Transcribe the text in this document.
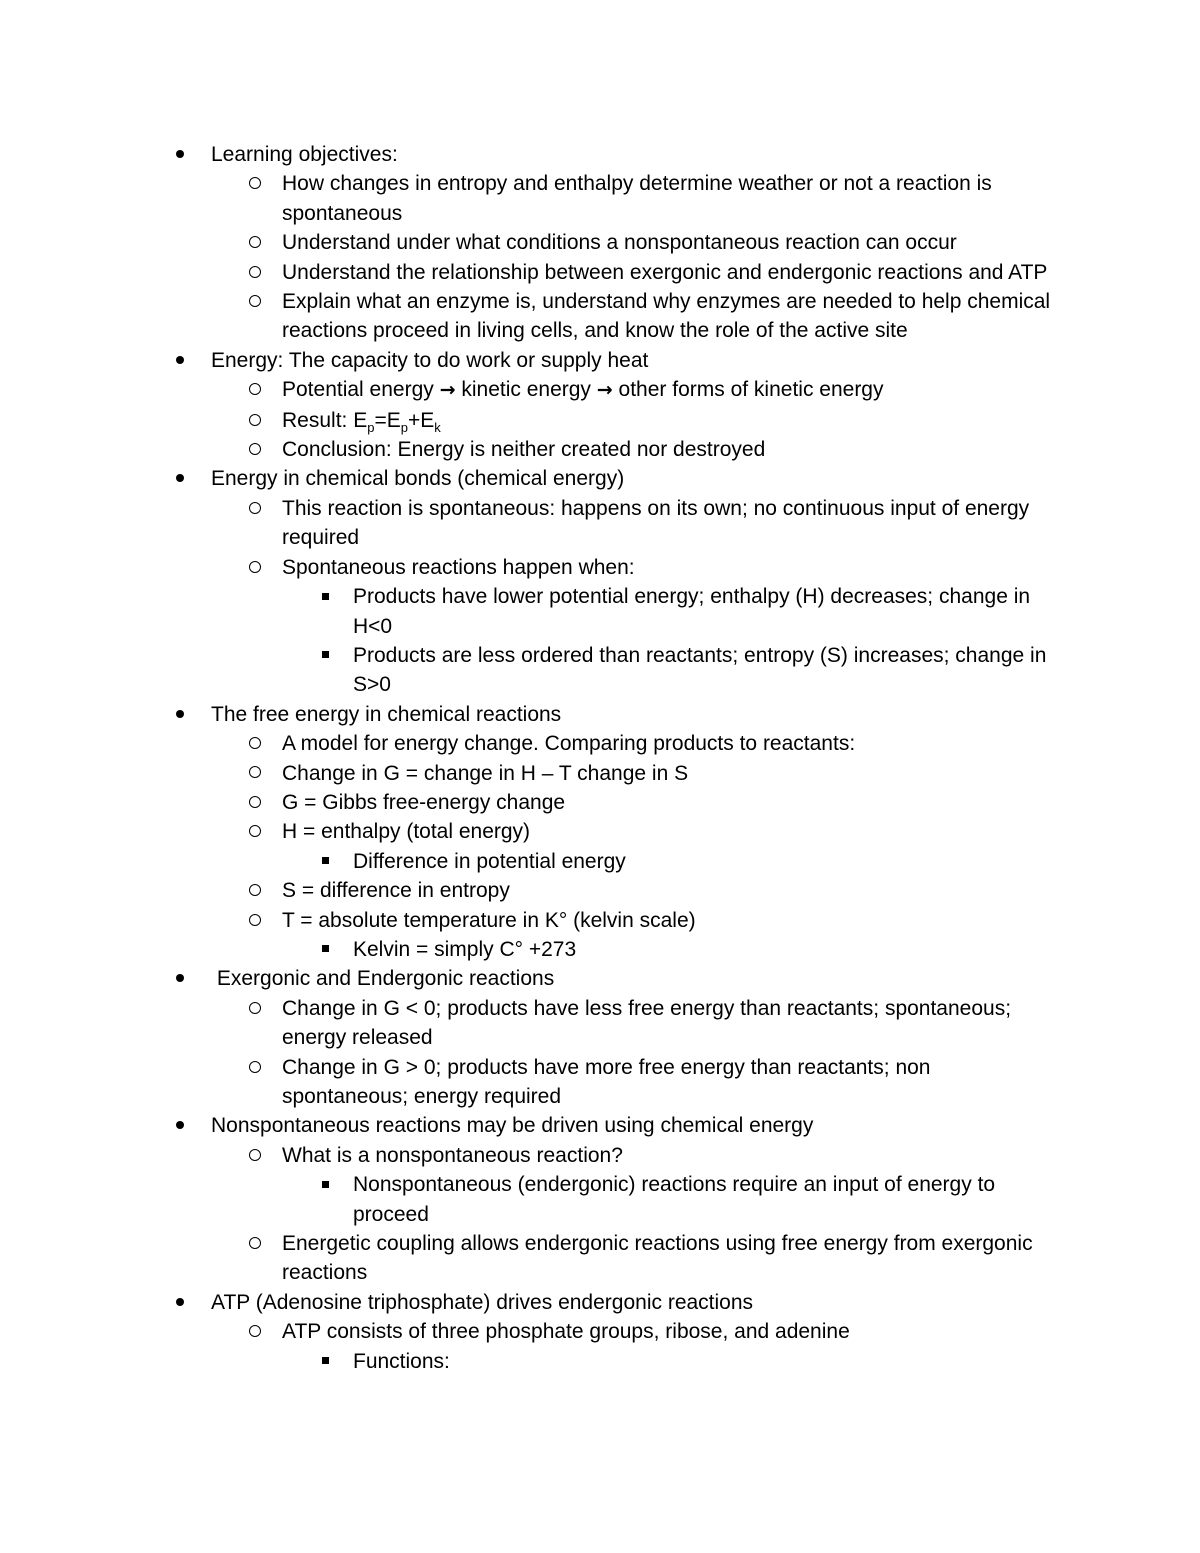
Learning objectives:
How changes in entropy and enthalpy determine weather or not a reaction is spontaneous
Understand under what conditions a nonspontaneous reaction can occur
Understand the relationship between exergonic and endergonic reactions and ATP
Explain what an enzyme is, understand why enzymes are needed to help chemical reactions proceed in living cells, and know the role of the active site
Energy: The capacity to do work or supply heat
Potential energy → kinetic energy → other forms of kinetic energy
Result: $E_p=E_p+E_k$
Conclusion: Energy is neither created nor destroyed
Energy in chemical bonds (chemical energy)
This reaction is spontaneous: happens on its own; no continuous input of energy required
Spontaneous reactions happen when:
Products have lower potential energy; enthalpy (H) decreases; change in H<0
Products are less ordered than reactants; entropy (S) increases; change in S>0
The free energy in chemical reactions
A model for energy change. Comparing products to reactants:
Change in G = change in H – T change in S
G = Gibbs free-energy change
H = enthalpy (total energy)
Difference in potential energy
S = difference in entropy
T = absolute temperature in K° (kelvin scale)
Kelvin = simply C° +273
Exergonic and Endergonic reactions
Change in G < 0; products have less free energy than reactants; spontaneous; energy released
Change in G > 0; products have more free energy than reactants; non spontaneous; energy required
Nonspontaneous reactions may be driven using chemical energy
What is a nonspontaneous reaction?
Nonspontaneous (endergonic) reactions require an input of energy to proceed
Energetic coupling allows endergonic reactions using free energy from exergonic reactions
ATP (Adenosine triphosphate) drives endergonic reactions
ATP consists of three phosphate groups, ribose, and adenine
Functions:
